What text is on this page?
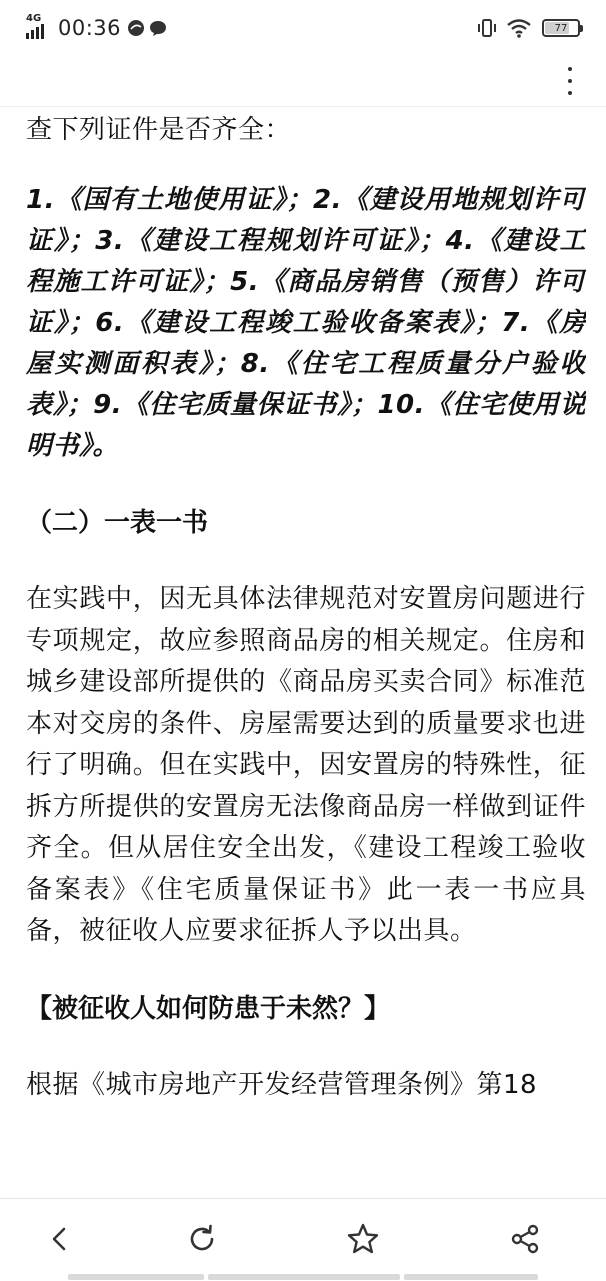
4G 00:36	77

查下列证件是否齐全：

1.《国有土地使用证》；2.《建设用地规划许可证》；3.《建设工程规划许可证》；4.《建设工程施工许可证》；5.《商品房销售（预售）许可证》；6.《建设工程竣工验收备案表》；7.《房屋实测面积表》；8.《住宅工程质量分户验收表》；9.《住宅质量保证书》；10.《住宅使用说明书》。

（二）一表一书

在实践中，因无具体法律规范对安置房问题进行专项规定，故应参照商品房的相关规定。住房和城乡建设部所提供的《商品房买卖合同》标准范本对交房的条件、房屋需要达到的质量要求也进行了明确。但在实践中，因安置房的特殊性，征拆方所提供的安置房无法像商品房一样做到证件齐全。但从居住安全出发，《建设工程竣工验收备案表》《住宅质量保证书》此一表一书应具备，被征收人应要求征拆人予以出具。

【被征收人如何防患于未然？】

根据《城市房地产开发经营管理条例》第18
